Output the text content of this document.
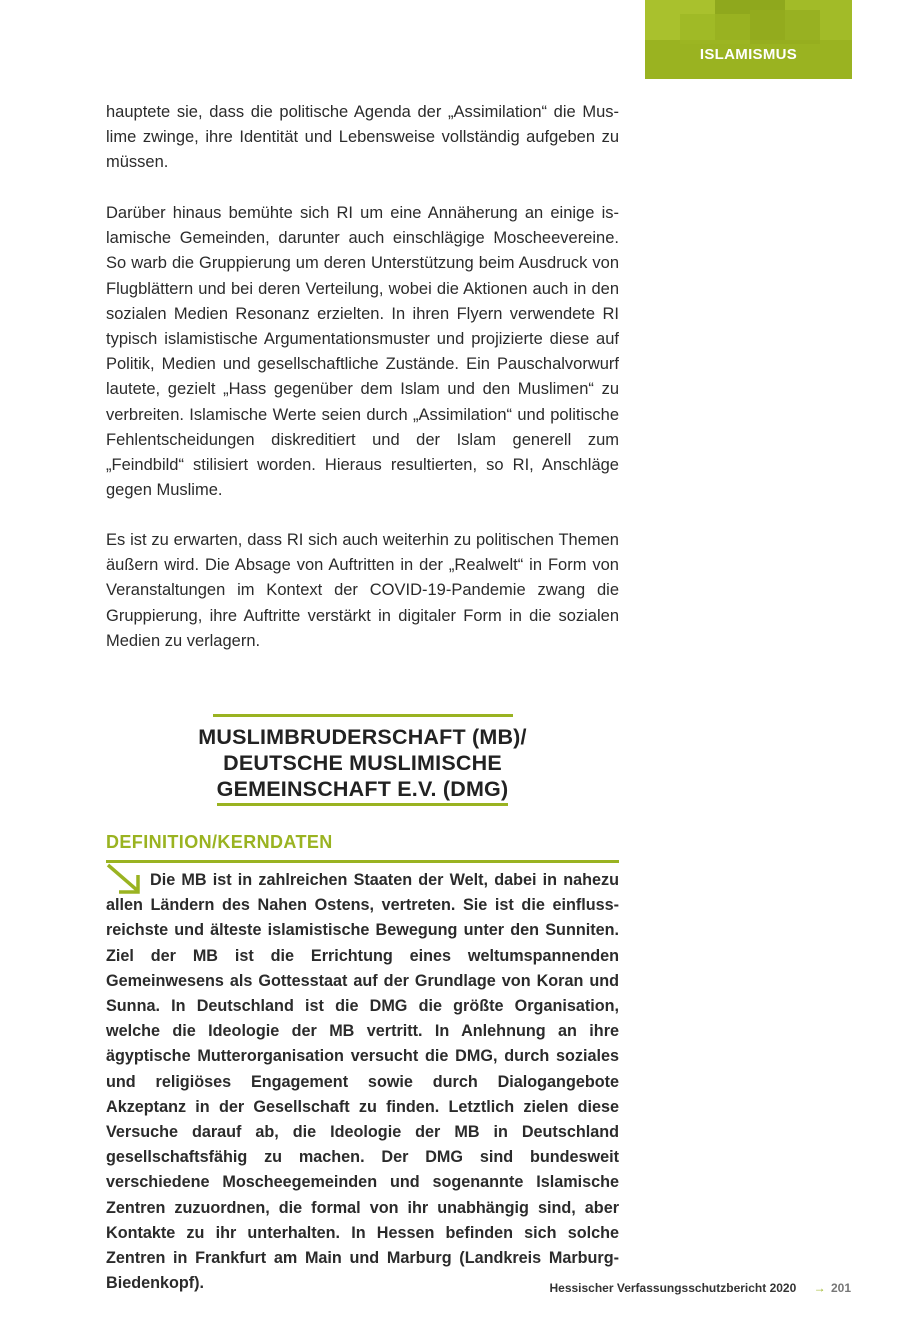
ISLAMISMUS

hauptete sie, dass die politische Agenda der „Assimilation“ die Muslime zwinge, ihre Identität und Lebensweise vollständig aufgeben zu müssen.

Darüber hinaus bemühte sich RI um eine Annäherung an einige islamische Gemeinden, darunter auch einschlägige Moscheevereine. So warb die Gruppierung um deren Unterstützung beim Ausdruck von Flugblättern und bei deren Verteilung, wobei die Aktionen auch in den sozialen Medien Resonanz erzielten. In ihren Flyern verwendete RI typisch islamistische Argumentationsmuster und projizierte diese auf Politik, Medien und gesellschaftliche Zustände. Ein Pauschalvorwurf lautete, gezielt „Hass gegenüber dem Islam und den Muslimen“ zu verbreiten. Islamische Werte seien durch „Assimilation“ und politische Fehlentscheidungen diskreditiert und der Islam generell zum „Feindbild“ stilisiert worden. Hieraus resultierten, so RI, Anschläge gegen Muslime.

Es ist zu erwarten, dass RI sich auch weiterhin zu politischen Themen äußern wird. Die Absage von Auftritten in der „Realwelt“ in Form von Veranstaltungen im Kontext der COVID-19-Pandemie zwang die Gruppierung, ihre Auftritte verstärkt in digitaler Form in die sozialen Medien zu verlagern.

MUSLIMBRUDERSCHAFT (MB)/
DEUTSCHE MUSLIMISCHE
GEMEINSCHAFT E.V. (DMG)
DEFINITION/KERNDATEN

Die MB ist in zahlreichen Staaten der Welt, dabei in nahezu allen Ländern des Nahen Ostens, vertreten. Sie ist die einflussreichste und älteste islamistische Bewegung unter den Sunniten. Ziel der MB ist die Errichtung eines weltumspannenden Gemeinwesens als Gottesstaat auf der Grundlage von Koran und Sunna. In Deutschland ist die DMG die größte Organisation, welche die Ideologie der MB vertritt. In Anlehnung an ihre ägyptische Mutterorganisation versucht die DMG, durch soziales und religiöses Engagement sowie durch Dialogangebote Akzeptanz in der Gesellschaft zu finden. Letztlich zielen diese Versuche darauf ab, die Ideologie der MB in Deutschland gesellschaftsfähig zu machen. Der DMG sind bundesweit verschiedene Moscheegemeinden und sogenannte Islamische Zentren zuzuordnen, die formal von ihr unabhängig sind, aber Kontakte zu ihr unterhalten. In Hessen befinden sich solche Zentren in Frankfurt am Main und Marburg (Landkreis Marburg-Biedenkopf).	Hessischer Verfassungsschutzbericht 2020 → 201
